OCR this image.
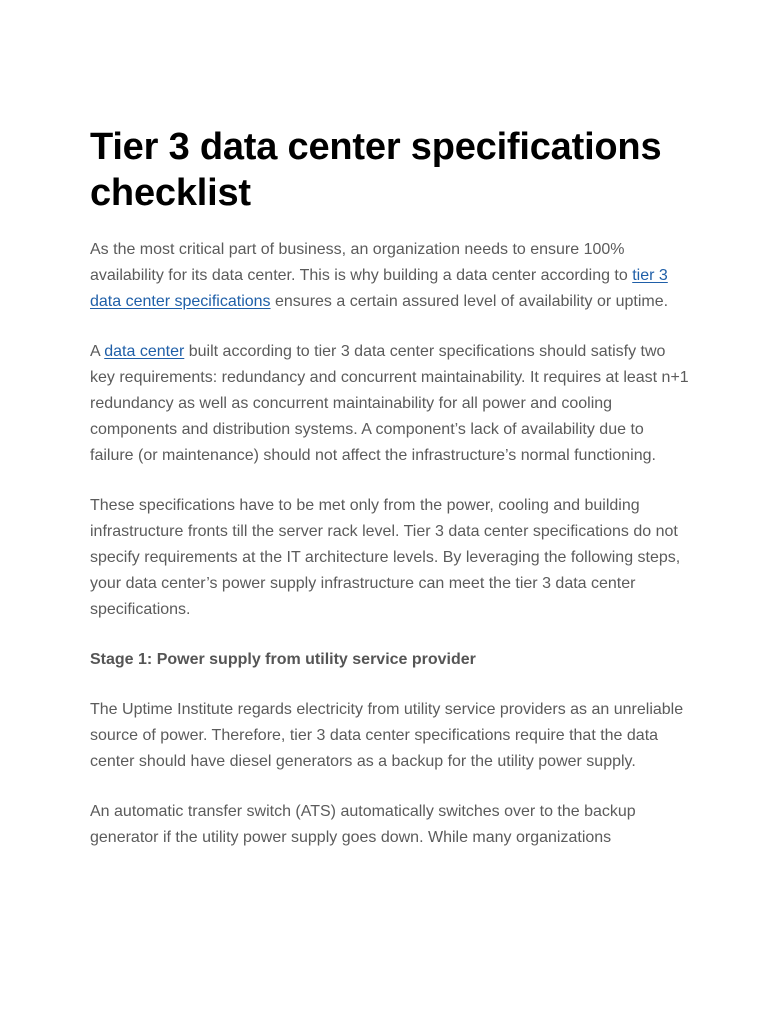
Tier 3 data center specifications checklist

As the most critical part of business, an organization needs to ensure 100% availability for its data center. This is why building a data center according to tier 3 data center specifications ensures a certain assured level of availability or uptime.

A data center built according to tier 3 data center specifications should satisfy two key requirements: redundancy and concurrent maintainability. It requires at least n+1 redundancy as well as concurrent maintainability for all power and cooling components and distribution systems. A component’s lack of availability due to failure (or maintenance) should not affect the infrastructure’s normal functioning.

These specifications have to be met only from the power, cooling and building infrastructure fronts till the server rack level. Tier 3 data center specifications do not specify requirements at the IT architecture levels. By leveraging the following steps, your data center’s power supply infrastructure can meet the tier 3 data center specifications.

Stage 1: Power supply from utility service provider

The Uptime Institute regards electricity from utility service providers as an unreliable source of power. Therefore, tier 3 data center specifications require that the data center should have diesel generators as a backup for the utility power supply.

An automatic transfer switch (ATS) automatically switches over to the backup generator if the utility power supply goes down. While many organizations
